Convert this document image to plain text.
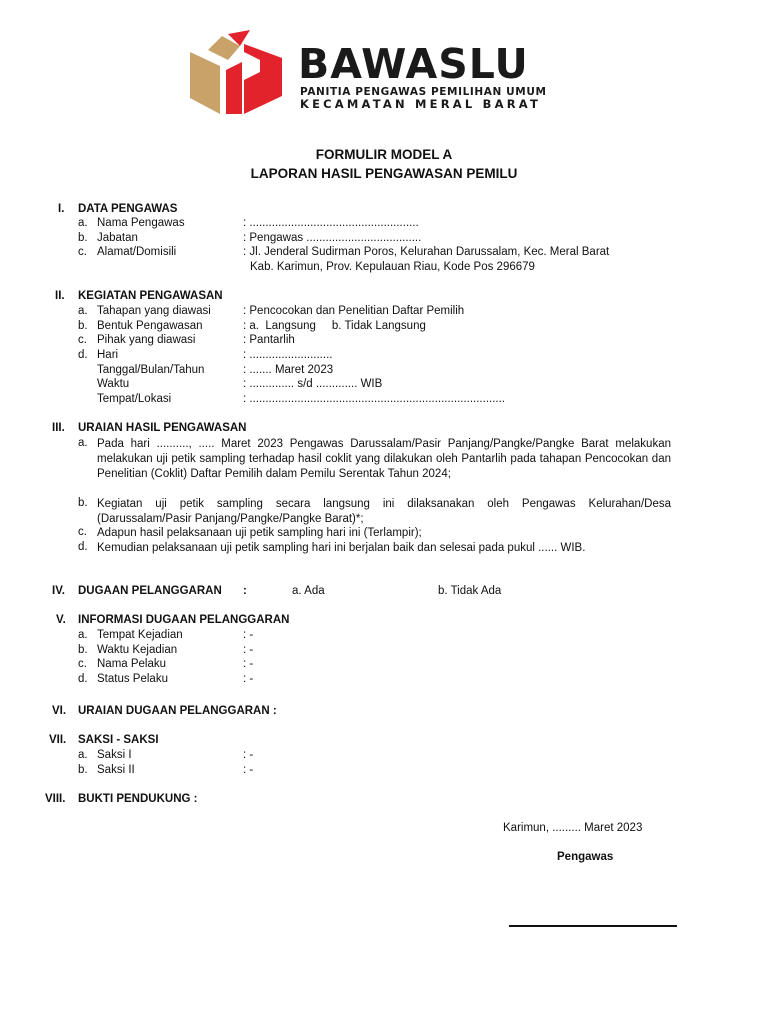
BAWASLU
PANITIA PENGAWAS PEMILIHAN UMUM
KECAMATAN MERAL BARAT
FORMULIR MODEL A
LAPORAN HASIL PENGAWASAN PEMILU
I. DATA PENGAWAS
a. Nama Pengawas	: .....................................................
b. Jabatan	: Pengawas ....................................
c. Alamat/Domisili	: Jl. Jenderal Sudirman Poros, Kelurahan Darussalam, Kec. Meral Barat
Kab. Karimun, Prov. Kepulauan Riau, Kode Pos 296679
II. KEGIATAN PENGAWASAN
a. Tahapan yang diawasi	: Pencocokan dan Penelitian Daftar Pemilih
b. Bentuk Pengawasan	: a.  Langsung     b. Tidak Langsung
c. Pihak yang diawasi	: Pantarlih
d. Hari	: ..........................
Tanggal/Bulan/Tahun	: ....... Maret 2023
Waktu	: .............. s/d ............. WIB
Tempat/Lokasi	: ................................................................................
III. URAIAN HASIL PENGAWASAN
a. Pada hari .........., ..... Maret 2023 Pengawas Darussalam/Pasir Panjang/Pangke/Pangke Barat melakukan melakukan uji petik sampling terhadap hasil coklit yang dilakukan oleh Pantarlih pada tahapan Pencocokan dan Penelitian (Coklit) Daftar Pemilih dalam Pemilu Serentak Tahun 2024;
b. Kegiatan uji petik sampling secara langsung ini dilaksanakan oleh Pengawas Kelurahan/Desa (Darussalam/Pasir Panjang/Pangke/Pangke Barat)*;
c. Adapun hasil pelaksanaan uji petik sampling hari ini (Terlampir);
d. Kemudian pelaksanaan uji petik sampling hari ini berjalan baik dan selesai pada pukul ...... WIB.
IV. DUGAAN PELANGGARAN :	a. Ada	b. Tidak Ada
V. INFORMASI DUGAAN PELANGGARAN
a. Tempat Kejadian	: -
b. Waktu Kejadian	: -
c. Nama Pelaku	: -
d. Status Pelaku	: -
VI. URAIAN DUGAAN PELANGGARAN :
VII. SAKSI - SAKSI
a. Saksi I	: -
b. Saksi II	: -
VIII. BUKTI PENDUKUNG :
Karimun, ......... Maret 2023
Pengawas
